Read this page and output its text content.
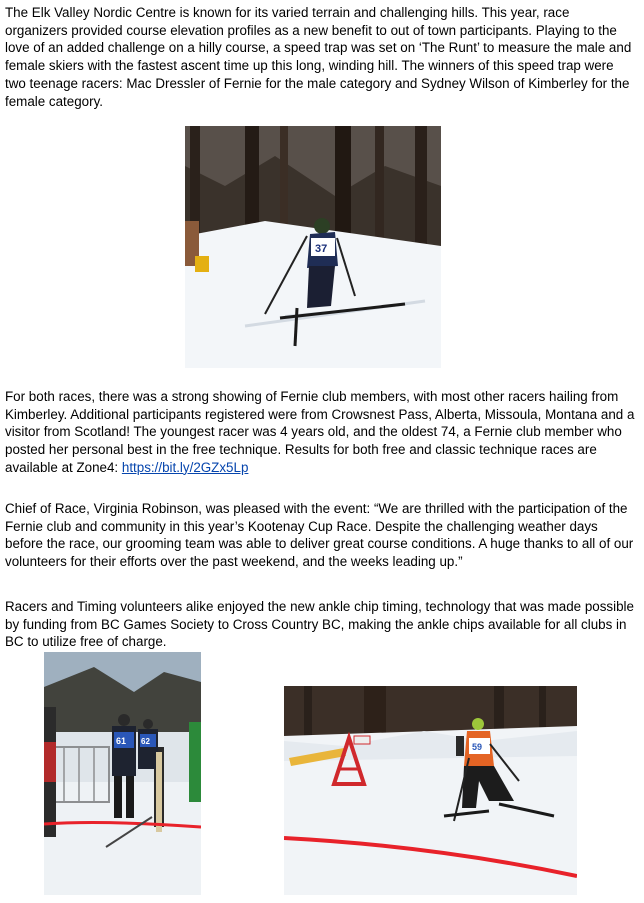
The Elk Valley Nordic Centre is known for its varied terrain and challenging hills. This year, race organizers provided course elevation profiles as a new benefit to out of town participants. Playing to the love of an added challenge on a hilly course, a speed trap was set on ‘The Runt’ to measure the male and female skiers with the fastest ascent time up this long, winding hill. The winners of this speed trap were two teenage racers: Mac Dressler of Fernie for the male category and Sydney Wilson of Kimberley for the female category.

37

For both races, there was a strong showing of Fernie club members, with most other racers hailing from Kimberley. Additional participants registered were from Crowsnest Pass, Alberta, Missoula, Montana and a visitor from Scotland! The youngest racer was 4 years old, and the oldest 74, a Fernie club member who posted her personal best in the free technique. Results for both free and classic technique races are available at Zone4: https://bit.ly/2GZx5Lp

Chief of Race, Virginia Robinson, was pleased with the event: “We are thrilled with the participation of the Fernie club and community in this year’s Kootenay Cup Race. Despite the challenging weather days before the race, our grooming team was able to deliver great course conditions. A huge thanks to all of our volunteers for their efforts over the past weekend, and the weeks leading up.”

Racers and Timing volunteers alike enjoyed the new ankle chip timing, technology that was made possible by funding from BC Games Society to Cross Country BC, making the ankle chips available for all clubs in BC to utilize free of charge.

61 62
59
